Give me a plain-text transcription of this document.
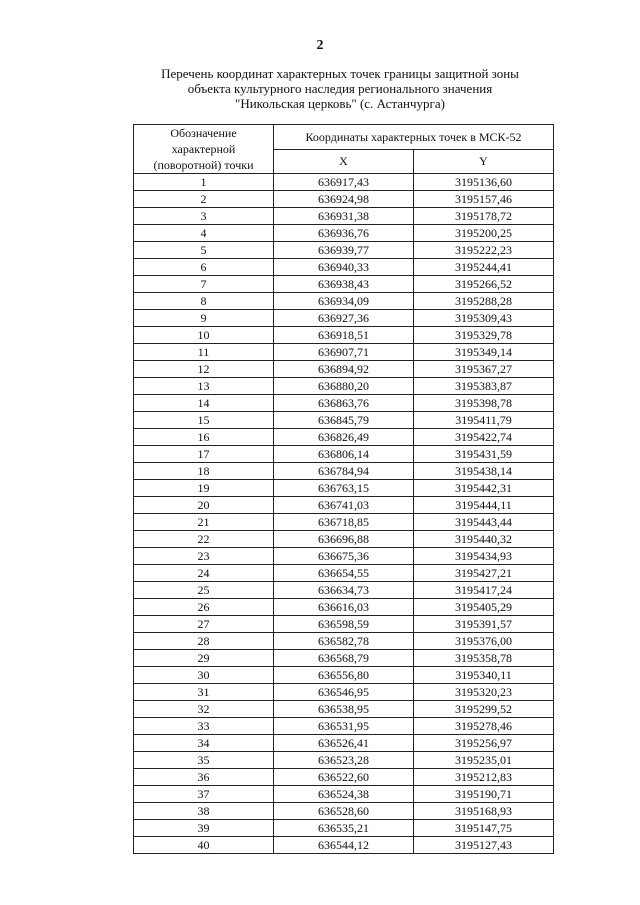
2
Перечень координат характерных точек границы защитной зоны
объекта культурного наследия регионального значения
"Никольская церковь" (с. Астанчурга)
Обозначение
характерной
(поворотной) точки	Координаты характерных точек в МСК-52	
	X	Y
1	636917,43	3195136,60
2	636924,98	3195157,46
3	636931,38	3195178,72
4	636936,76	3195200,25
5	636939,77	3195222,23
6	636940,33	3195244,41
7	636938,43	3195266,52
8	636934,09	3195288,28
9	636927,36	3195309,43
10	636918,51	3195329,78
11	636907,71	3195349,14
12	636894,92	3195367,27
13	636880,20	3195383,87
14	636863,76	3195398,78
15	636845,79	3195411,79
16	636826,49	3195422,74
17	636806,14	3195431,59
18	636784,94	3195438,14
19	636763,15	3195442,31
20	636741,03	3195444,11
21	636718,85	3195443,44
22	636696,88	3195440,32
23	636675,36	3195434,93
24	636654,55	3195427,21
25	636634,73	3195417,24
26	636616,03	3195405,29
27	636598,59	3195391,57
28	636582,78	3195376,00
29	636568,79	3195358,78
30	636556,80	3195340,11
31	636546,95	3195320,23
32	636538,95	3195299,52
33	636531,95	3195278,46
34	636526,41	3195256,97
35	636523,28	3195235,01
36	636522,60	3195212,83
37	636524,38	3195190,71
38	636528,60	3195168,93
39	636535,21	3195147,75
40	636544,12	3195127,43
